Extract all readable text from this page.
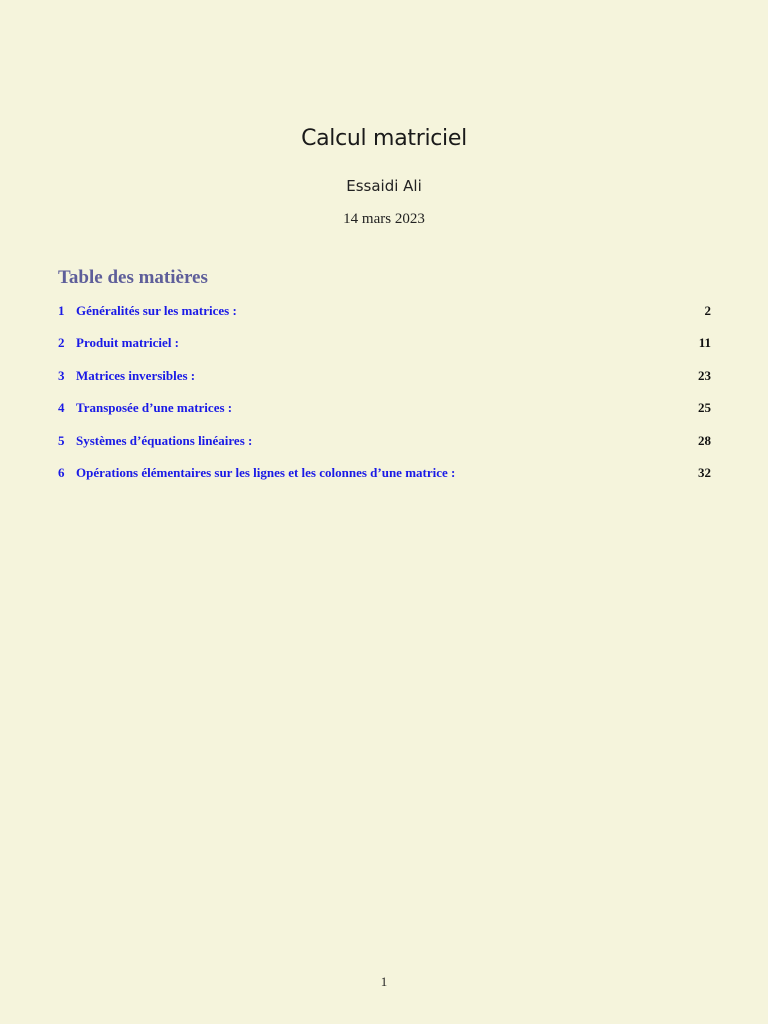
Calcul matriciel
Essaidi Ali
14 mars 2023
Table des matières
1 Généralités sur les matrices :	2
2 Produit matriciel :	11
3 Matrices inversibles :	23
4 Transposée d’une matrices :	25
5 Systèmes d’équations linéaires :	28
6 Opérations élémentaires sur les lignes et les colonnes d’une matrice :	32
1
